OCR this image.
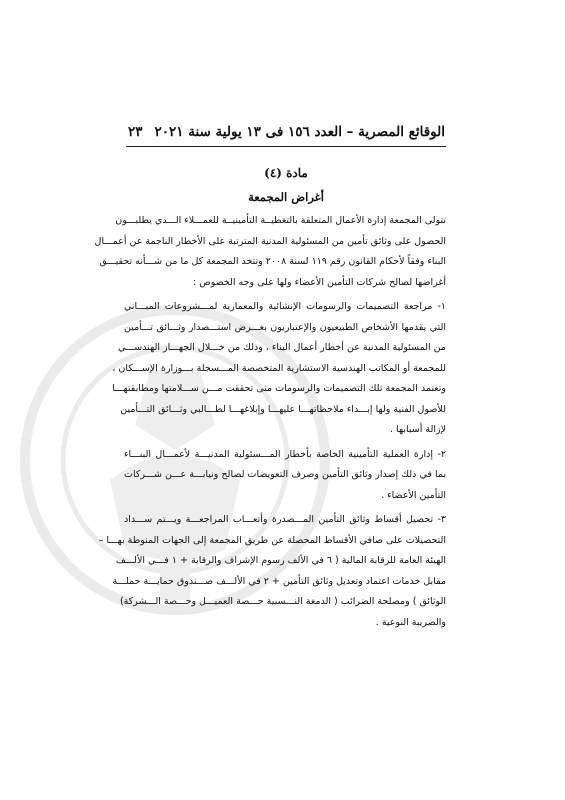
الوقائع المصرية – العدد ١٥٦ فى ١٣ يولية سنة ٢٠٢١
٢٣
مادة (٤)
أغراض المجمعة
تتولى المجمعة إدارة الأعمال المتعلقة بالتغطيــة التأمينيــة للعمـــلاء الـــذي يطلبـــون
الحصول على وثائق تأمين من المسئولية المدنية المترتبة على الأخطار الناجمة عن أعمـــال
البناء وفقاً لأحكام القانون رقم ١١٩ لسنة ٢٠٠٨ وتتخذ المجمعة كل ما من شـــأنه تحقيـــق
أغراضها لصالح شركات التأمين الأعضاء ولها على وجه الخصوص :
١- مراجعة التصميمات والرسومات الإنشائية والمعمارية لمـــشروعات المبـــاني
التي يقدمها الأشخاص الطبيعيون والإعتباريون بغـــرض استـــصدار وثـــائق تـــأمين
من المسئولية المدنية عن أخطار أعمال البناء ، وذلك من خـــلال الجهـــاز الهندســـي
للمجمعة أو المكاتب الهندسية الاستشارية المتخصصة المـــسجلة بـــوزارة الإســـكان ،
وتعتمد المجمعة تلك التصميمات والرسومات متى تحققت مـــن ســـلامتها ومطابقتهـــا
للأصول الفنية ولها إبـــداء ملاحظاتهـــا عليهـــا وإبلاغهـــا لطـــالبي وثـــائق التـــأمين
لإزالة أسبابها .
٢- إدارة العملية التأمينية الخاصة بأخطار المـــسئولية المدنيـــة لأعمـــال البنـــاء
بما في ذلك إصدار وثائق التأمين وصرف التعويضات لصالح ونيابـــة عـــن شـــركات
التأمين الأعضاء .
٣- تحصيل أقساط وثائق التأمين المـــصدرة وأتعـــاب المراجعـــة ويـــتم ســـداد
التحصيلات على صافي الأقساط المحصلة عن طريق المجمعة إلى الجهات المنوطة بهـــا –
الهيئة العامة للرقابة المالية ( ٦ في الألف رسوم الإشراف والرقابة + ١ فـــي الألـــف
مقابل خدمات اعتماد وتعديل وثائق التأمين + ٢ في الألـــف صـــندوق حمايـــة حملـــة
الوثائق ) ومصلحة الضرائب ( الدمغة النـــسبية حـــصة العميـــل وحـــصة الـــشركة)
والضريبة النوعية .
